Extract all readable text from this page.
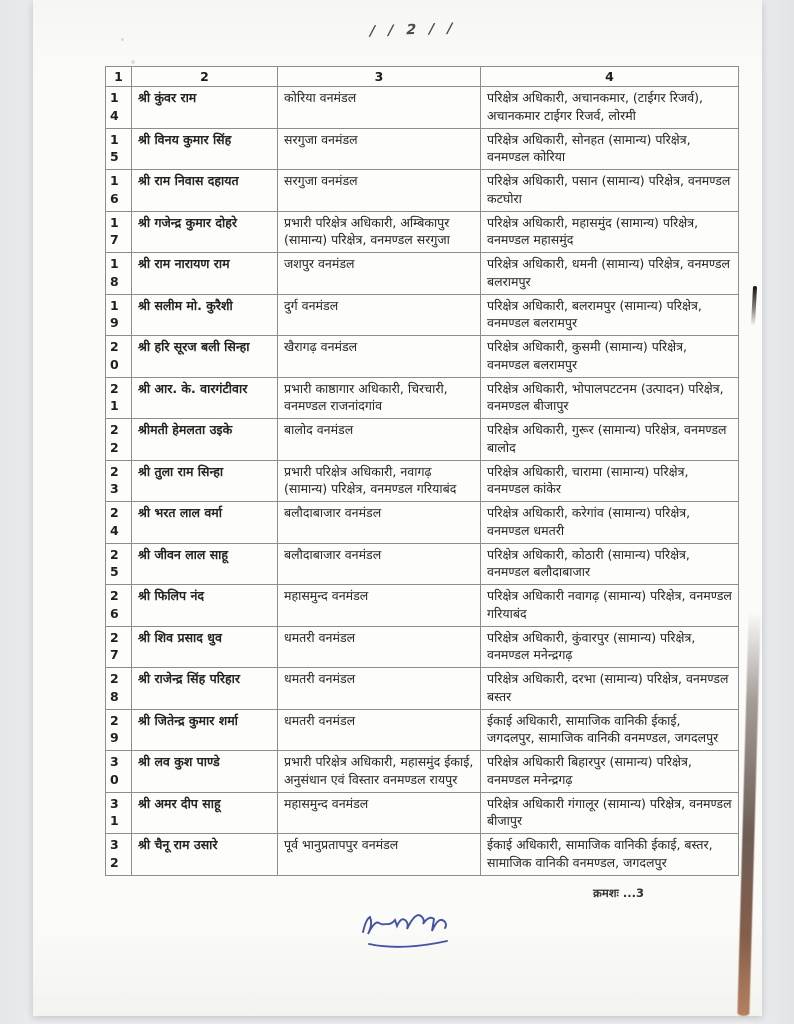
/ / 2 / /
1	2	3	4
14	श्री कुंवर राम	कोरिया वनमंडल	परिक्षेत्र अधिकारी, अचानकमार, (टाईगर रिजर्व), अचानकमार टाईगर रिजर्व, लोरमी
15	श्री विनय कुमार सिंह	सरगुजा वनमंडल	परिक्षेत्र अधिकारी, सोनहत (सामान्य) परिक्षेत्र, वनमण्डल कोरिया
16	श्री राम निवास दहायत	सरगुजा वनमंडल	परिक्षेत्र अधिकारी, पसान (सामान्य) परिक्षेत्र, वनमण्डल कटघोरा
17	श्री गजेन्द्र कुमार दोहरे	प्रभारी परिक्षेत्र अधिकारी, अम्बिकापुर (सामान्य) परिक्षेत्र, वनमण्डल सरगुजा	परिक्षेत्र अधिकारी, महासमुंद (सामान्य) परिक्षेत्र, वनमण्डल महासमुंद
18	श्री राम नारायण राम	जशपुर वनमंडल	परिक्षेत्र अधिकारी, धमनी (सामान्य) परिक्षेत्र, वनमण्डल बलरामपुर
19	श्री सलीम मो. कुरैशी	दुर्ग वनमंडल	परिक्षेत्र अधिकारी, बलरामपुर (सामान्य) परिक्षेत्र, वनमण्डल बलरामपुर
20	श्री हरि सूरज बली सिन्हा	खैरागढ़ वनमंडल	परिक्षेत्र अधिकारी, कुसमी (सामान्य) परिक्षेत्र, वनमण्डल बलरामपुर
21	श्री आर. के. वारगंटीवार	प्रभारी काष्ठागार अधिकारी, चिरचारी, वनमण्डल राजनांदगांव	परिक्षेत्र अधिकारी, भोपालपटटनम (उत्पादन) परिक्षेत्र, वनमण्डल बीजापुर
22	श्रीमती हेमलता उइके	बालोद वनमंडल	परिक्षेत्र अधिकारी, गुरूर (सामान्य) परिक्षेत्र, वनमण्डल बालोद
23	श्री तुला राम सिन्हा	प्रभारी परिक्षेत्र अधिकारी, नवागढ़ (सामान्य) परिक्षेत्र, वनमण्डल गरियाबंद	परिक्षेत्र अधिकारी, चारामा (सामान्य) परिक्षेत्र, वनमण्डल कांकेर
24	श्री भरत लाल वर्मा	बलौदाबाजार वनमंडल	परिक्षेत्र अधिकारी, करेगांव (सामान्य) परिक्षेत्र, वनमण्डल धमतरी
25	श्री जीवन लाल साहू	बलौदाबाजार वनमंडल	परिक्षेत्र अधिकारी, कोठारी (सामान्य) परिक्षेत्र, वनमण्डल बलौदाबाजार
26	श्री फिलिप नंद	महासमुन्द वनमंडल	परिक्षेत्र अधिकारी नवागढ़ (सामान्य) परिक्षेत्र, वनमण्डल गरियाबंद
27	श्री शिव प्रसाद धुव	धमतरी वनमंडल	परिक्षेत्र अधिकारी, कुंवारपुर (सामान्य) परिक्षेत्र, वनमण्डल मनेन्द्रगढ़
28	श्री राजेन्द्र सिंह परिहार	धमतरी वनमंडल	परिक्षेत्र अधिकारी, दरभा (सामान्य) परिक्षेत्र, वनमण्डल बस्तर
29	श्री जितेन्द्र कुमार शर्मा	धमतरी वनमंडल	ईकाई अधिकारी, सामाजिक वानिकी ईकाई, जगदलपुर, सामाजिक वानिकी वनमण्डल, जगदलपुर
30	श्री लव कुश पाण्डे	प्रभारी परिक्षेत्र अधिकारी, महासमुंद ईकाई, अनुसंधान एवं विस्तार वनमण्डल रायपुर	परिक्षेत्र अधिकारी बिहारपुर (सामान्य) परिक्षेत्र, वनमण्डल मनेन्द्रगढ़
31	श्री अमर दीप साहू	महासमुन्द वनमंडल	परिक्षेत्र अधिकारी गंगालूर (सामान्य) परिक्षेत्र, वनमण्डल बीजापुर
32	श्री चैनू राम उसारे	पूर्व भानुप्रतापपुर वनमंडल	ईकाई अधिकारी, सामाजिक वानिकी ईकाई, बस्तर, सामाजिक वानिकी वनमण्डल, जगदलपुर
क्रमशः ...3
